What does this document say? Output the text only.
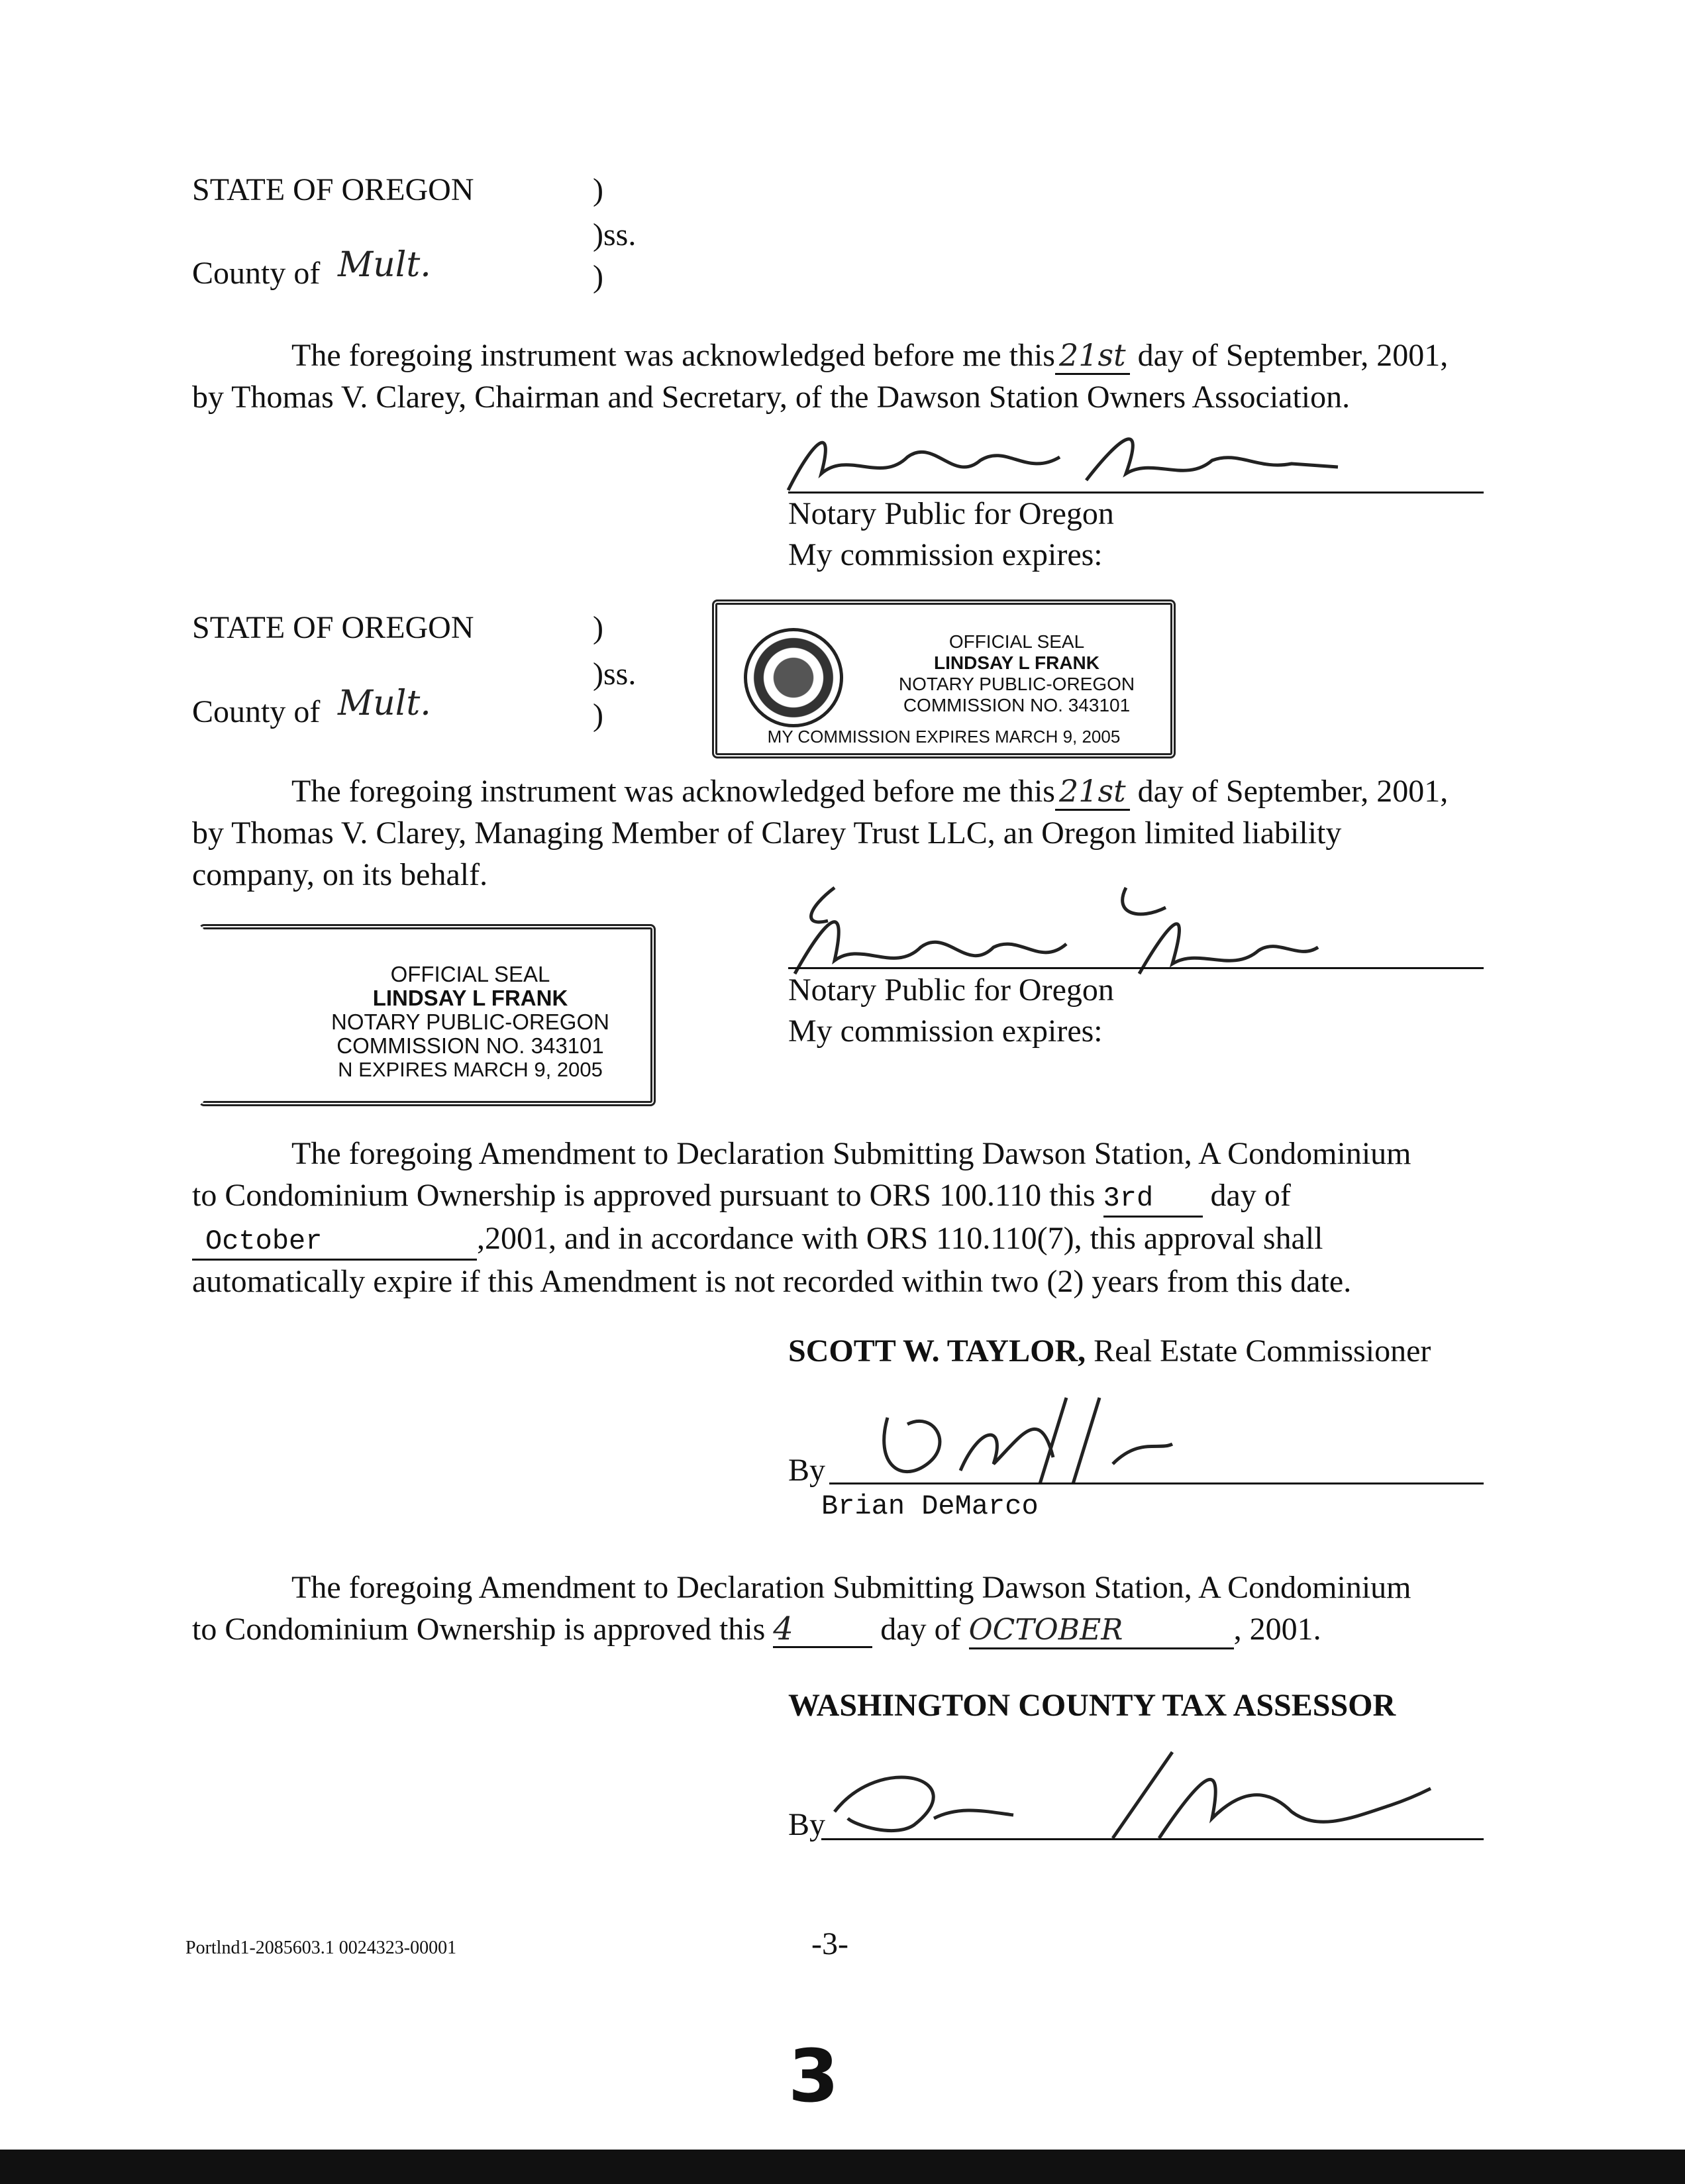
STATE OF OREGON	)
)ss.
County of Mult.	)
The foregoing instrument was acknowledged before me this 21st day of September, 2001,
by Thomas V. Clarey, Chairman and Secretary, of the Dawson Station Owners Association.
Notary Public for Oregon
My commission expires:
STATE OF OREGON	)
)ss.
County of Mult.	)
OFFICIAL SEAL
LINDSAY L FRANK
NOTARY PUBLIC-OREGON
COMMISSION NO. 343101
MY COMMISSION EXPIRES MARCH 9, 2005
The foregoing instrument was acknowledged before me this 21st day of September, 2001,
by Thomas V. Clarey, Managing Member of Clarey Trust LLC, an Oregon limited liability
company, on its behalf.
OFFICIAL SEAL
LINDSAY L FRANK
NOTARY PUBLIC-OREGON
COMMISSION NO. 343101
N EXPIRES MARCH 9, 2005
Notary Public for Oregon
My commission expires:
The foregoing Amendment to Declaration Submitting Dawson Station, A Condominium
to Condominium Ownership is approved pursuant to ORS 100.110 this 3rd day of
October	,2001, and in accordance with ORS 110.110(7), this approval shall
automatically expire if this Amendment is not recorded within two (2) years from this date.
SCOTT W. TAYLOR, Real Estate Commissioner
By
Brian DeMarco
The foregoing Amendment to Declaration Submitting Dawson Station, A Condominium
to Condominium Ownership is approved this 4	day of OCTOBER	, 2001.
WASHINGTON COUNTY TAX ASSESSOR
By
Portlnd1-2085603.1 0024323-00001	-3-
3
